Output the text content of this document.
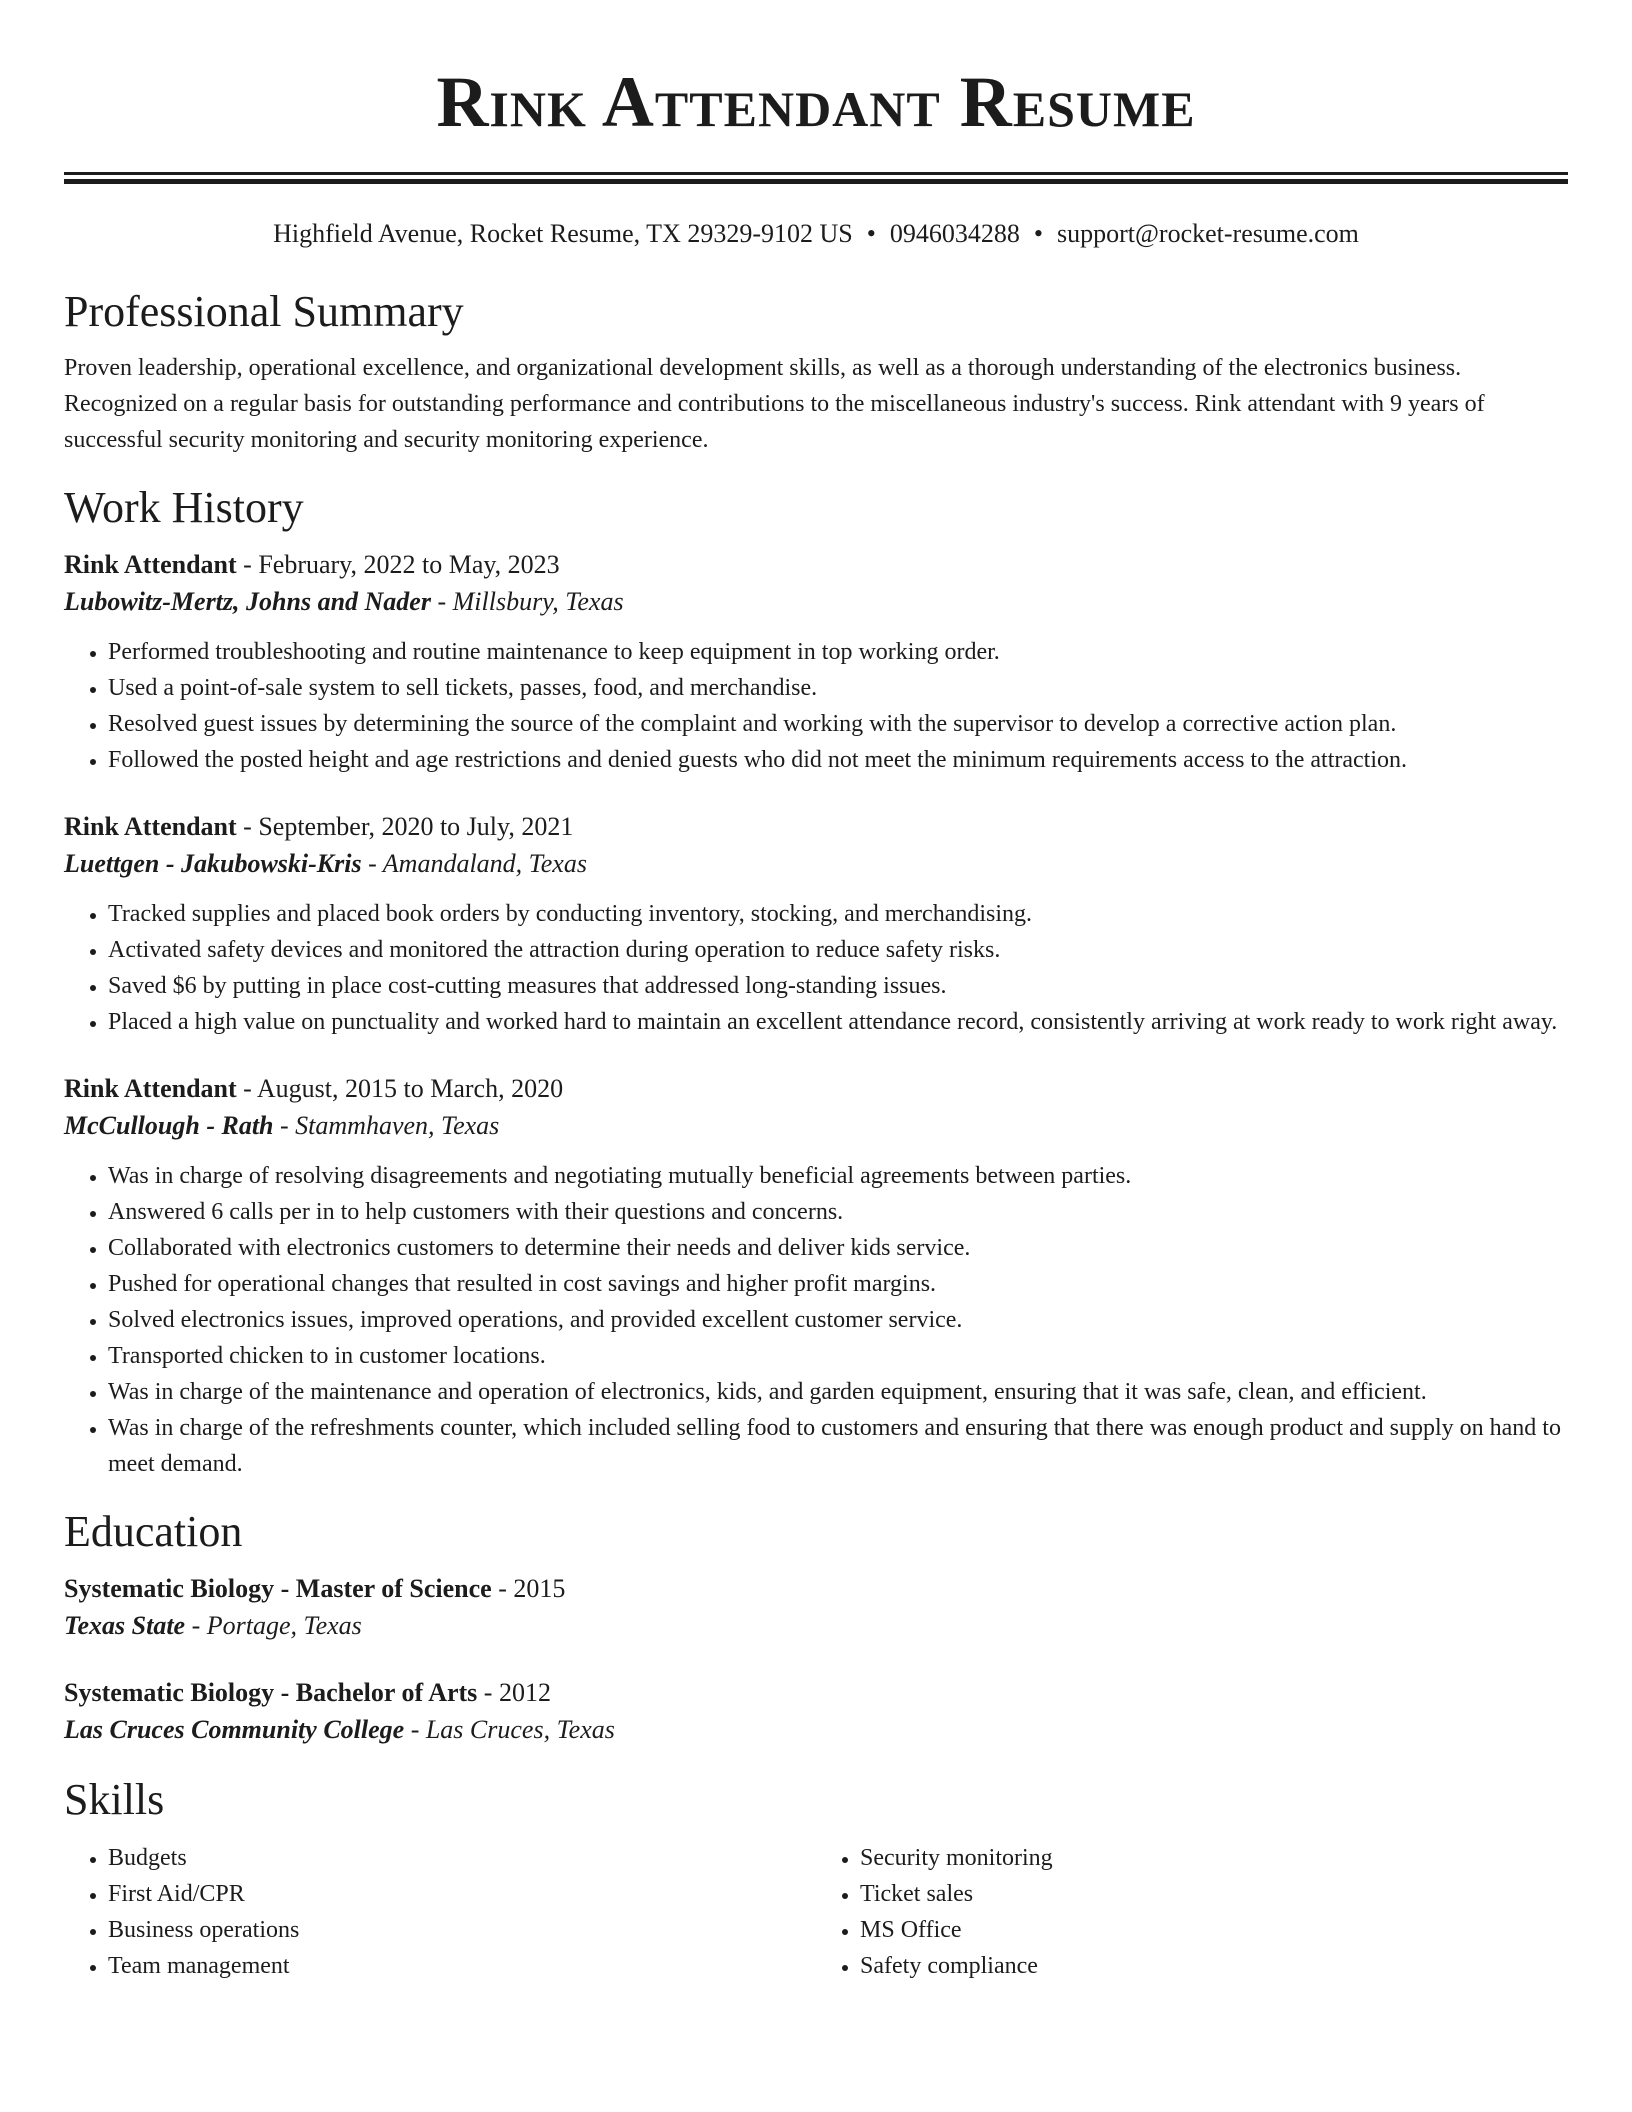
Rink Attendant Resume
Highfield Avenue, Rocket Resume, TX 29329-9102 US • 0946034288 • support@rocket-resume.com
Professional Summary

Proven leadership, operational excellence, and organizational development skills, as well as a thorough understanding of the electronics business. Recognized on a regular basis for outstanding performance and contributions to the miscellaneous industry's success. Rink attendant with 9 years of successful security monitoring and security monitoring experience.

Work History

Rink Attendant - February, 2022 to May, 2023

Lubowitz-Mertz, Johns and Nader - Millsbury, Texas

• Performed troubleshooting and routine maintenance to keep equipment in top working order.
• Used a point-of-sale system to sell tickets, passes, food, and merchandise.
• Resolved guest issues by determining the source of the complaint and working with the supervisor to develop a corrective action plan.
• Followed the posted height and age restrictions and denied guests who did not meet the minimum requirements access to the attraction.

Rink Attendant - September, 2020 to July, 2021

Luettgen - Jakubowski-Kris - Amandaland, Texas

• Tracked supplies and placed book orders by conducting inventory, stocking, and merchandising.
• Activated safety devices and monitored the attraction during operation to reduce safety risks.
• Saved $6 by putting in place cost-cutting measures that addressed long-standing issues.
• Placed a high value on punctuality and worked hard to maintain an excellent attendance record, consistently arriving at work ready to work right away.

Rink Attendant - August, 2015 to March, 2020

McCullough - Rath - Stammhaven, Texas

• Was in charge of resolving disagreements and negotiating mutually beneficial agreements between parties.
• Answered 6 calls per in to help customers with their questions and concerns.
• Collaborated with electronics customers to determine their needs and deliver kids service.
• Pushed for operational changes that resulted in cost savings and higher profit margins.
• Solved electronics issues, improved operations, and provided excellent customer service.
• Transported chicken to in customer locations.
• Was in charge of the maintenance and operation of electronics, kids, and garden equipment, ensuring that it was safe, clean, and efficient.
• Was in charge of the refreshments counter, which included selling food to customers and ensuring that there was enough product and supply on hand to meet demand.
Education

Systematic Biology - Master of Science - 2015

Texas State - Portage, Texas

Systematic Biology - Bachelor of Arts - 2012

Las Cruces Community College - Las Cruces, Texas

Skills
• Budgets
• First Aid/CPR
• Business operations
• Team management
• Security monitoring
• Ticket sales
• MS Office
• Safety compliance
